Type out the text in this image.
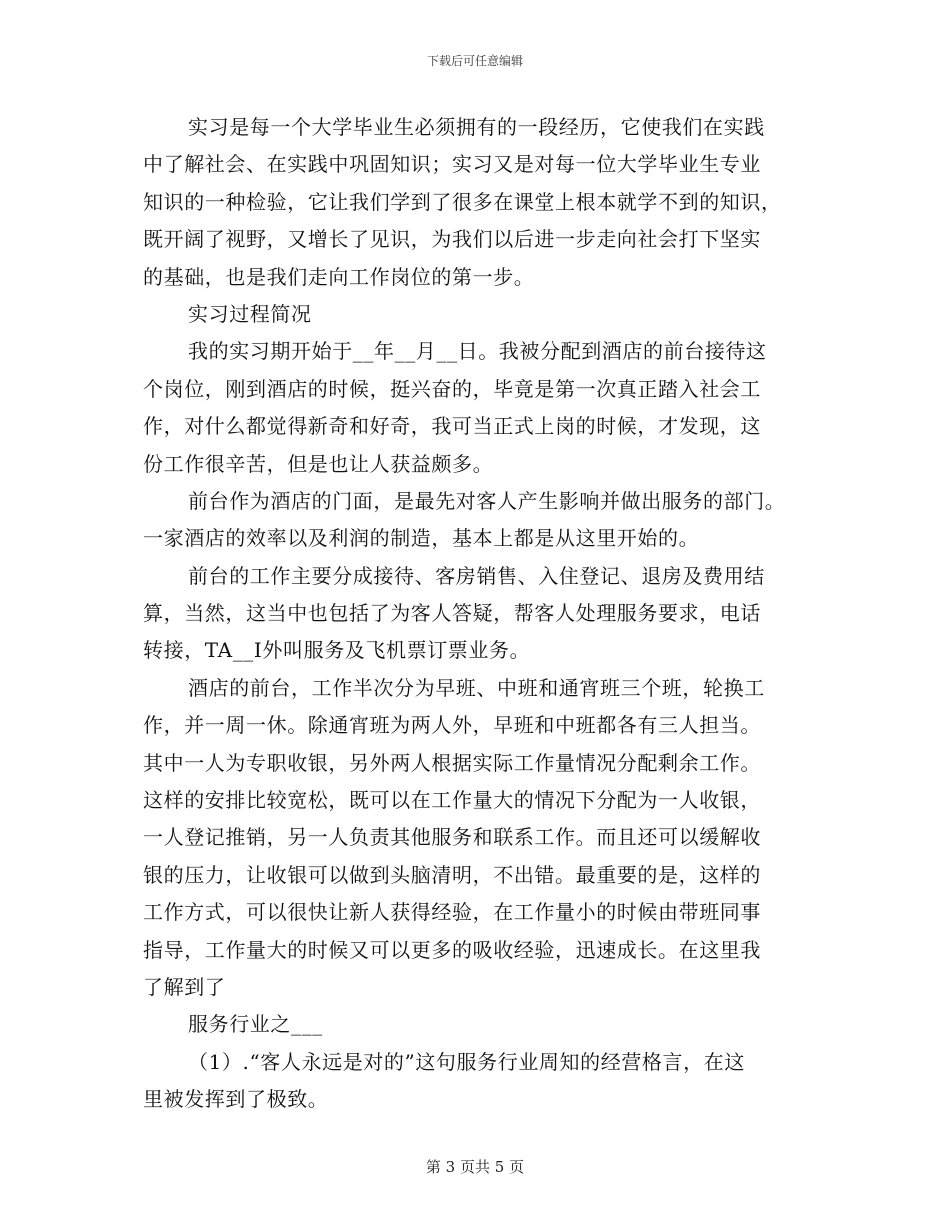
下载后可任意编辑
实习是每一个大学毕业生必须拥有的一段经历，它使我们在实践
中了解社会、在实践中巩固知识；实习又是对每一位大学毕业生专业
知识的一种检验，它让我们学到了很多在课堂上根本就学不到的知识，
既开阔了视野，又增长了见识，为我们以后进一步走向社会打下坚实
的基础，也是我们走向工作岗位的第一步。
实习过程简况
我的实习期开始于__年__月__日。我被分配到酒店的前台接待这
个岗位，刚到酒店的时候，挺兴奋的，毕竟是第一次真正踏入社会工
作，对什么都觉得新奇和好奇，我可当正式上岗的时候，才发现，这
份工作很辛苦，但是也让人获益颇多。
前台作为酒店的门面，是最先对客人产生影响并做出服务的部门。
一家酒店的效率以及利润的制造，基本上都是从这里开始的。
前台的工作主要分成接待、客房销售、入住登记、退房及费用结
算，当然，这当中也包括了为客人答疑，帮客人处理服务要求，电话
转接，TA__I外叫服务及飞机票订票业务。
酒店的前台，工作半次分为早班、中班和通宵班三个班，轮换工
作，并一周一休。除通宵班为两人外，早班和中班都各有三人担当。
其中一人为专职收银，另外两人根据实际工作量情况分配剩余工作。
这样的安排比较宽松，既可以在工作量大的情况下分配为一人收银，
一人登记推销，另一人负责其他服务和联系工作。而且还可以缓解收
银的压力，让收银可以做到头脑清明，不出错。最重要的是，这样的
工作方式，可以很快让新人获得经验，在工作量小的时候由带班同事
指导，工作量大的时候又可以更多的吸收经验，迅速成长。在这里我
了解到了
服务行业之___
（1）.“客人永远是对的”这句服务行业周知的经营格言，在这
里被发挥到了极致。
第 3 页共 5 页
